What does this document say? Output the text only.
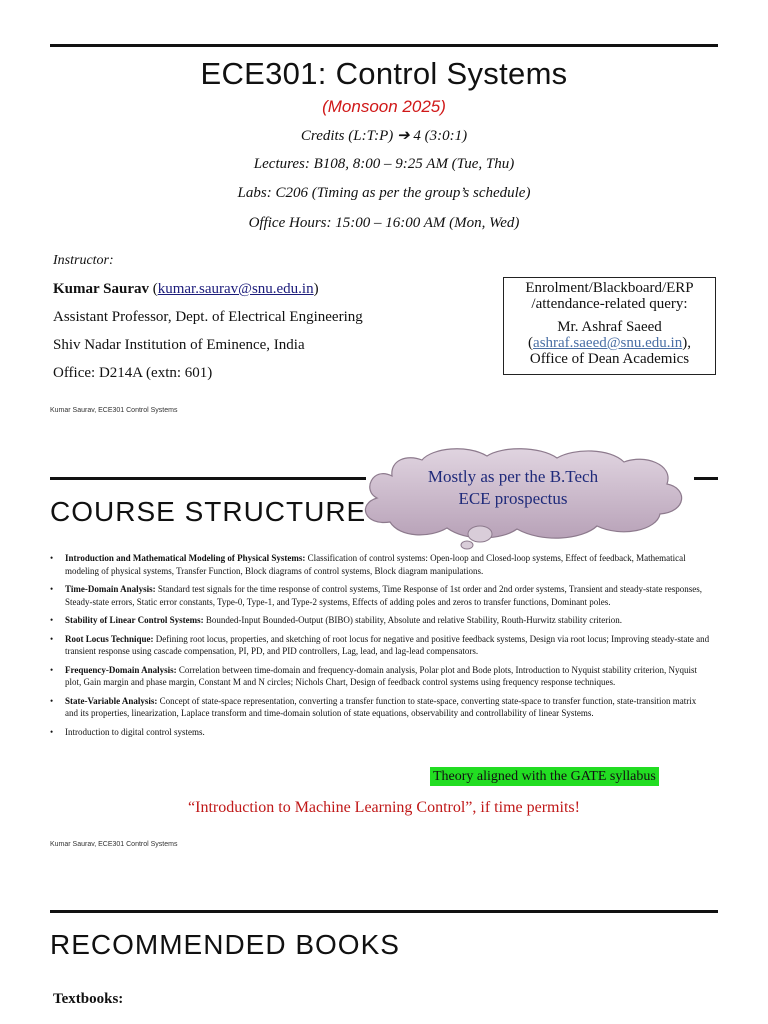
ECE301: Control Systems
(Monsoon 2025)
Credits (L:T:P) ➔ 4 (3:0:1)
Lectures: B108, 8:00 – 9:25 AM (Tue, Thu)
Labs: C206 (Timing as per the group’s schedule)
Office Hours: 15:00 – 16:00 AM (Mon, Wed)
Instructor:
Kumar Saurav (kumar.saurav@snu.edu.in)
Assistant Professor, Dept. of Electrical Engineering
Shiv Nadar Institution of Eminence, India
Office: D214A (extn: 601)
Enrolment/Blackboard/ERP
/attendance-related query:
Mr. Ashraf Saeed
(ashraf.saeed@snu.edu.in),
Office of Dean Academics
Kumar Saurav, ECE301 Control Systems
Mostly as per the B.Tech
ECE prospectus
COURSE STRUCTURE
• Introduction and Mathematical Modeling of Physical Systems: Classification of control systems: Open-loop and Closed-loop systems, Effect of feedback, Mathematical modeling of physical systems, Transfer Function, Block diagrams of control systems, Block diagram manipulations.
• Time-Domain Analysis: Standard test signals for the time response of control systems, Time Response of 1st order and 2nd order systems, Transient and steady-state responses, Steady-state errors, Static error constants, Type-0, Type-1, and Type-2 systems, Effects of adding poles and zeros to transfer functions, Dominant poles.
• Stability of Linear Control Systems: Bounded-Input Bounded-Output (BIBO) stability, Absolute and relative Stability, Routh-Hurwitz stability criterion.
• Root Locus Technique: Defining root locus, properties, and sketching of root locus for negative and positive feedback systems, Design via root locus; Improving steady-state and transient response using cascade compensation, PI, PD, and PID controllers, Lag, lead, and lag-lead compensators.
• Frequency-Domain Analysis: Correlation between time-domain and frequency-domain analysis, Polar plot and Bode plots, Introduction to Nyquist stability criterion, Nyquist plot, Gain margin and phase margin, Constant M and N circles; Nichols Chart, Design of feedback control systems using frequency response techniques.
• State-Variable Analysis: Concept of state-space representation, converting a transfer function to state-space, converting state-space to transfer function, state-transition matrix and its properties, linearization, Laplace transform and time-domain solution of state equations, observability and controllability of linear Systems.
• Introduction to digital control systems.
Theory aligned with the GATE syllabus
“Introduction to Machine Learning Control”, if time permits!
Kumar Saurav, ECE301 Control Systems
RECOMMENDED BOOKS
Textbooks:
